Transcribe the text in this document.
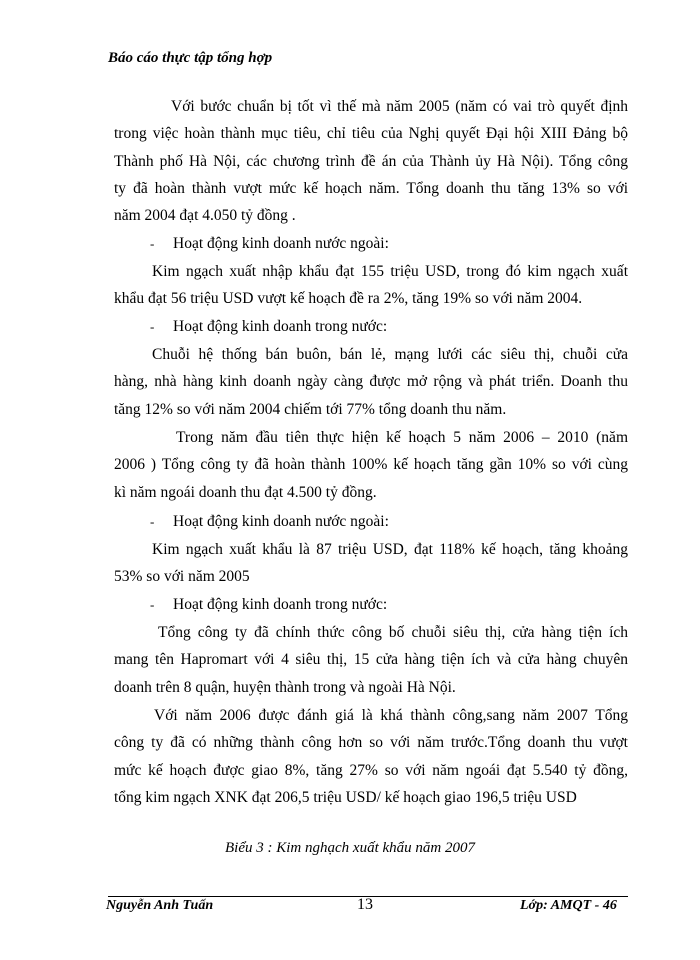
Báo cáo thực tập tổng hợp
Với bước chuẩn bị tốt vì thế mà năm 2005 (năm có vai trò quyết định
trong việc hoàn thành mục tiêu, chỉ tiêu của Nghị quyết Đại hội XIII Đảng bộ
Thành phố Hà Nội, các chương trình đề án của Thành ủy Hà Nội). Tổng công
ty đã hoàn thành vượt mức kế hoạch năm. Tổng doanh thu tăng 13% so với
năm 2004 đạt 4.050 tỷ đồng .
- Hoạt động kinh doanh nước ngoài:
Kim ngạch xuất nhập khẩu đạt 155 triệu USD, trong đó kim ngạch xuất
khẩu đạt 56 triệu USD vượt kế hoạch đề ra 2%, tăng 19% so với năm 2004.
- Hoạt động kinh doanh trong nước:
Chuỗi hệ thống bán buôn, bán lẻ, mạng lưới các siêu thị, chuỗi cửa
hàng, nhà hàng kinh doanh ngày càng được mở rộng và phát triển. Doanh thu
tăng 12% so với năm 2004 chiếm tới 77% tổng doanh thu năm.
Trong năm đầu tiên thực hiện kế hoạch 5 năm 2006 – 2010 (năm
2006 ) Tổng công ty đã hoàn thành 100% kế hoạch tăng gần 10% so với cùng
kì năm ngoái doanh thu đạt 4.500 tỷ đồng.
- Hoạt động kinh doanh nước ngoài:
Kim ngạch xuất khẩu là 87 triệu USD, đạt 118% kế hoạch, tăng khoảng
53% so với năm 2005
- Hoạt động kinh doanh trong nước:
Tổng công ty đã chính thức công bố chuỗi siêu thị, cửa hàng tiện ích
mang tên Hapromart với 4 siêu thị, 15 cửa hàng tiện ích và cửa hàng chuyên
doanh trên 8 quận, huyện thành trong và ngoài Hà Nội.
Với năm 2006 được đánh giá là khá thành công,sang năm 2007 Tổng
công ty đã có những thành công hơn so với năm trước.Tổng doanh thu vượt
mức kế hoạch được giao 8%, tăng 27% so với năm ngoái đạt 5.540 tỷ đồng,
tổng kim ngạch XNK đạt 206,5 triệu USD/ kế hoạch giao 196,5 triệu USD
Biểu 3 : Kim nghạch xuất khẩu năm 2007
Nguyễn Anh Tuấn	13	Lớp: AMQT - 46
